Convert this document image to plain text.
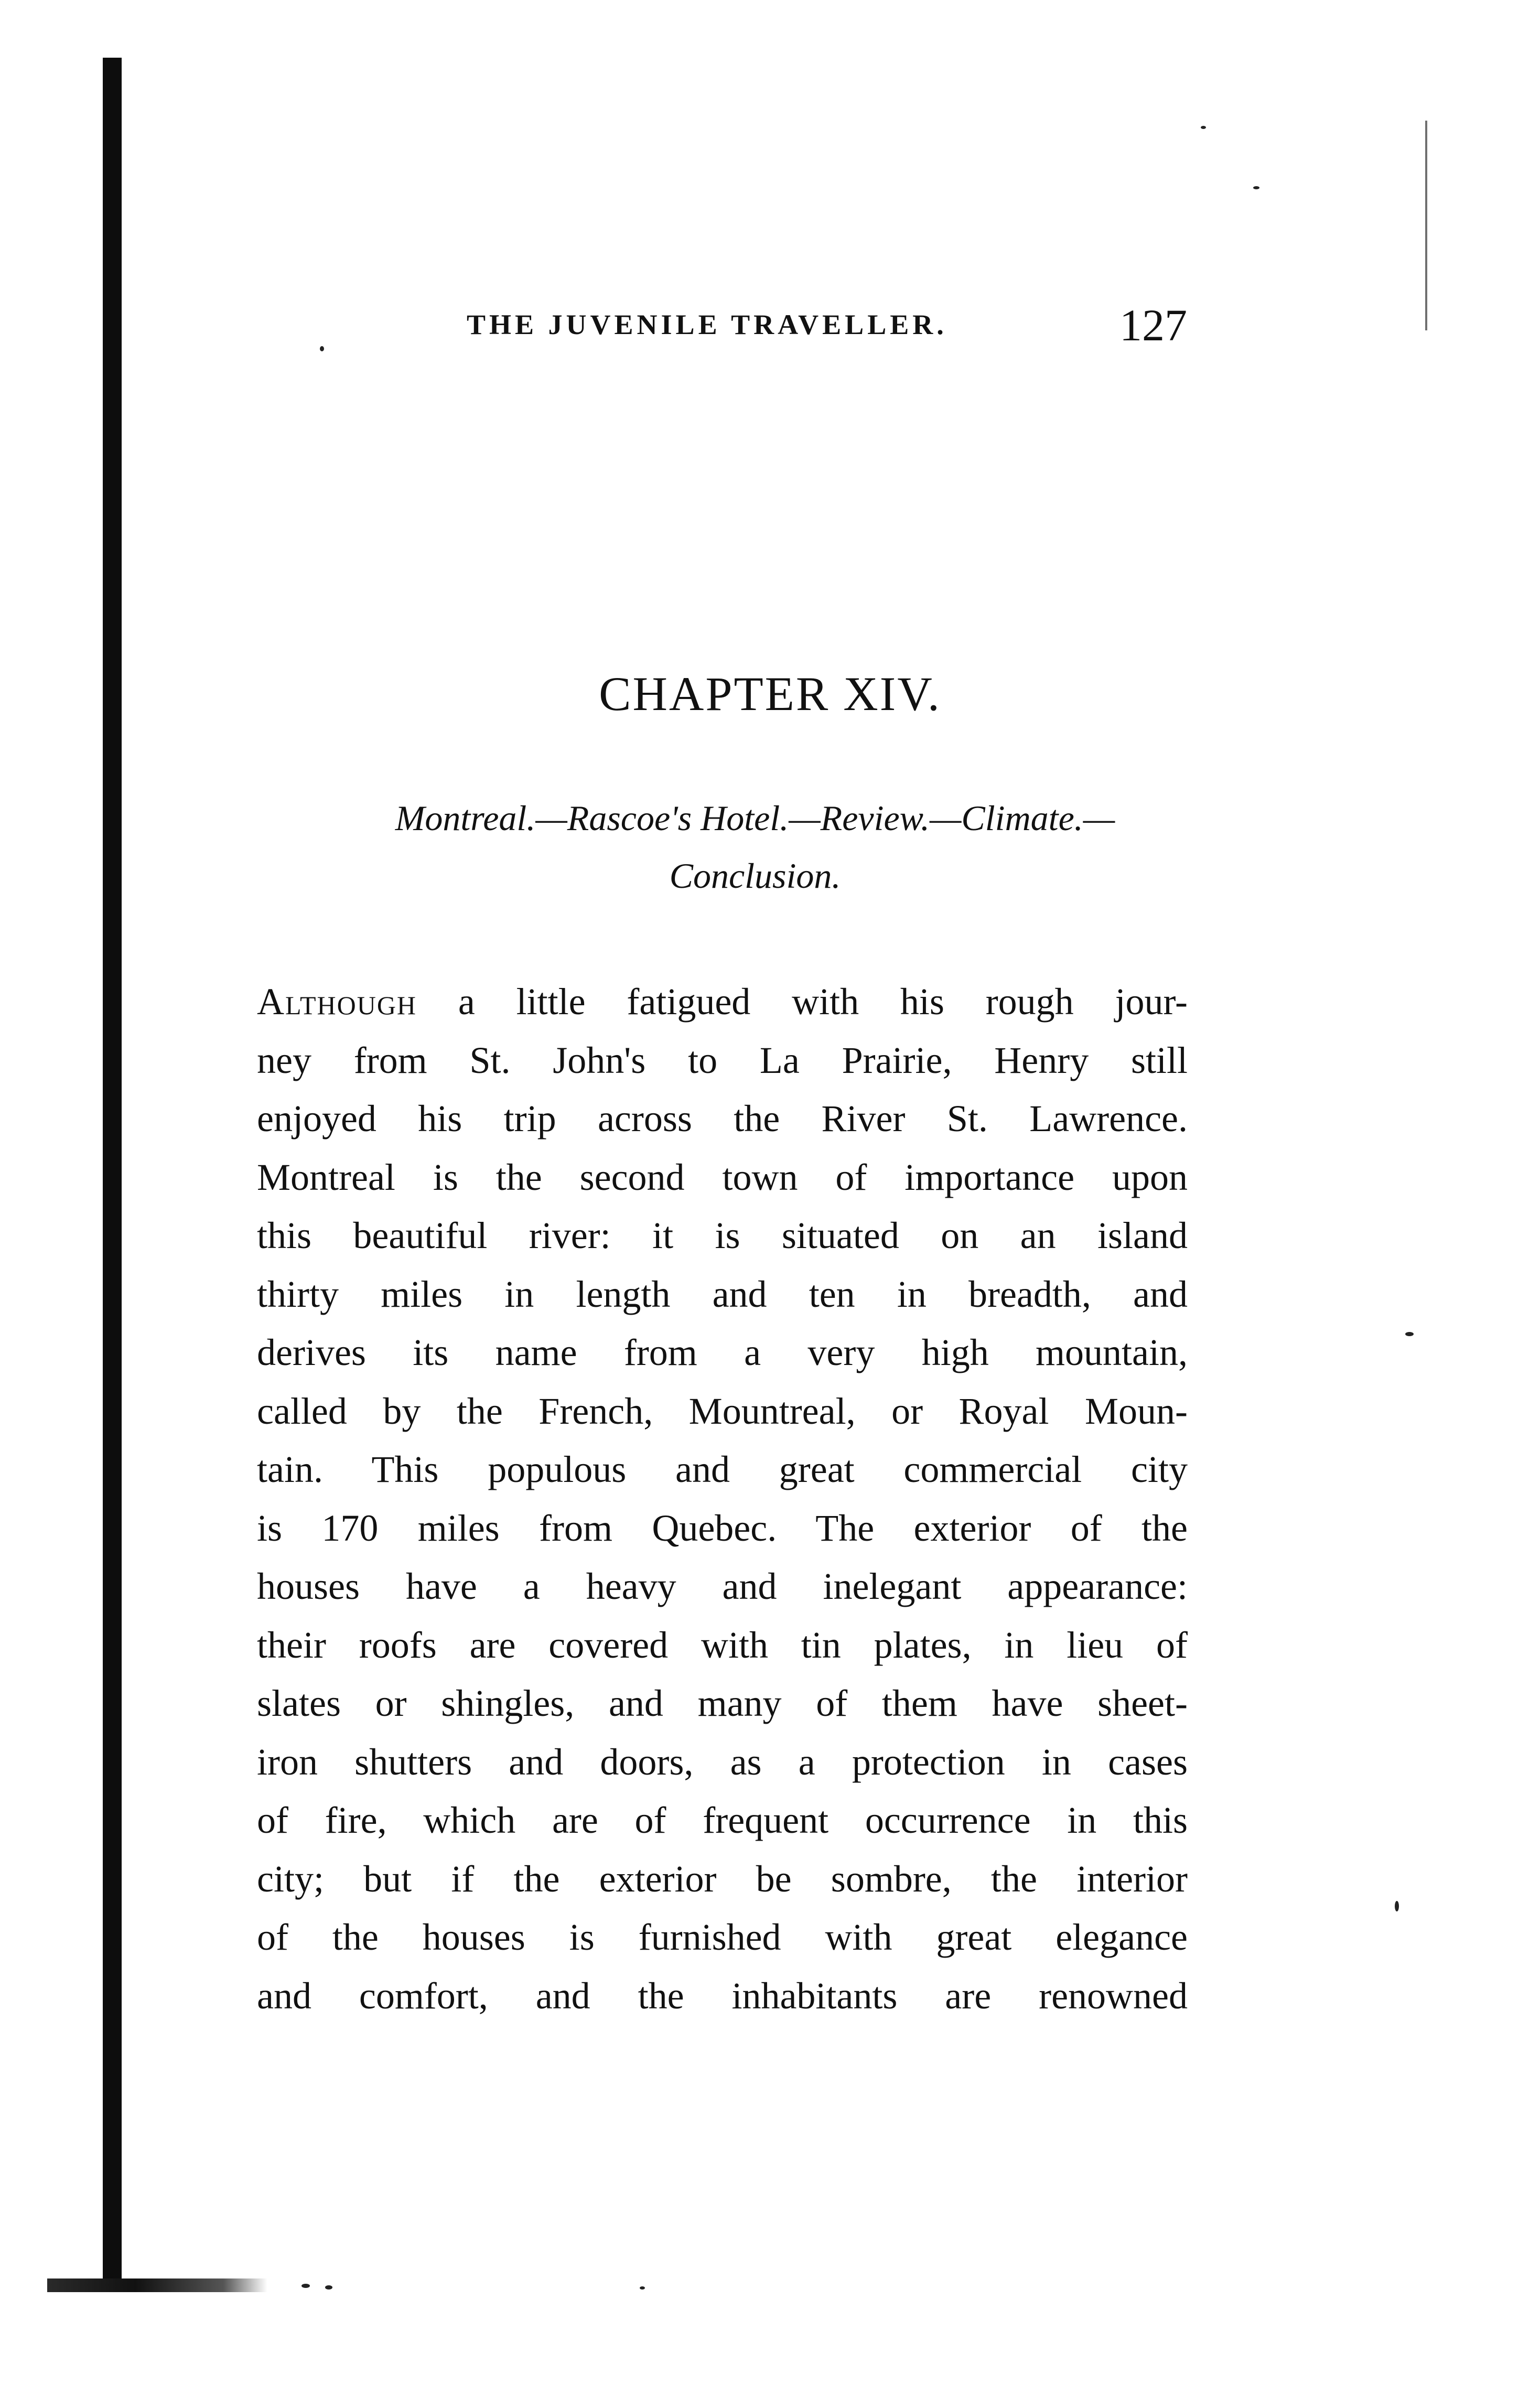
THE JUVENILE TRAVELLER.	127
CHAPTER XIV.
Montreal.—Rascoe's Hotel.—Review.—Climate.—
Conclusion.
Although a little fatigued with his rough jour-
ney from St. John's to La Prairie, Henry still
enjoyed his trip across the River St. Lawrence.
Montreal is the second town of importance upon
this beautiful river: it is situated on an island
thirty miles in length and ten in breadth, and
derives its name from a very high mountain,
called by the French, Mountreal, or Royal Moun-
tain. This populous and great commercial city
is 170 miles from Quebec. The exterior of the
houses have a heavy and inelegant appearance:
their roofs are covered with tin plates, in lieu of
slates or shingles, and many of them have sheet-
iron shutters and doors, as a protection in cases
of fire, which are of frequent occurrence in this
city; but if the exterior be sombre, the interior
of the houses is furnished with great elegance
and comfort, and the inhabitants are renowned
